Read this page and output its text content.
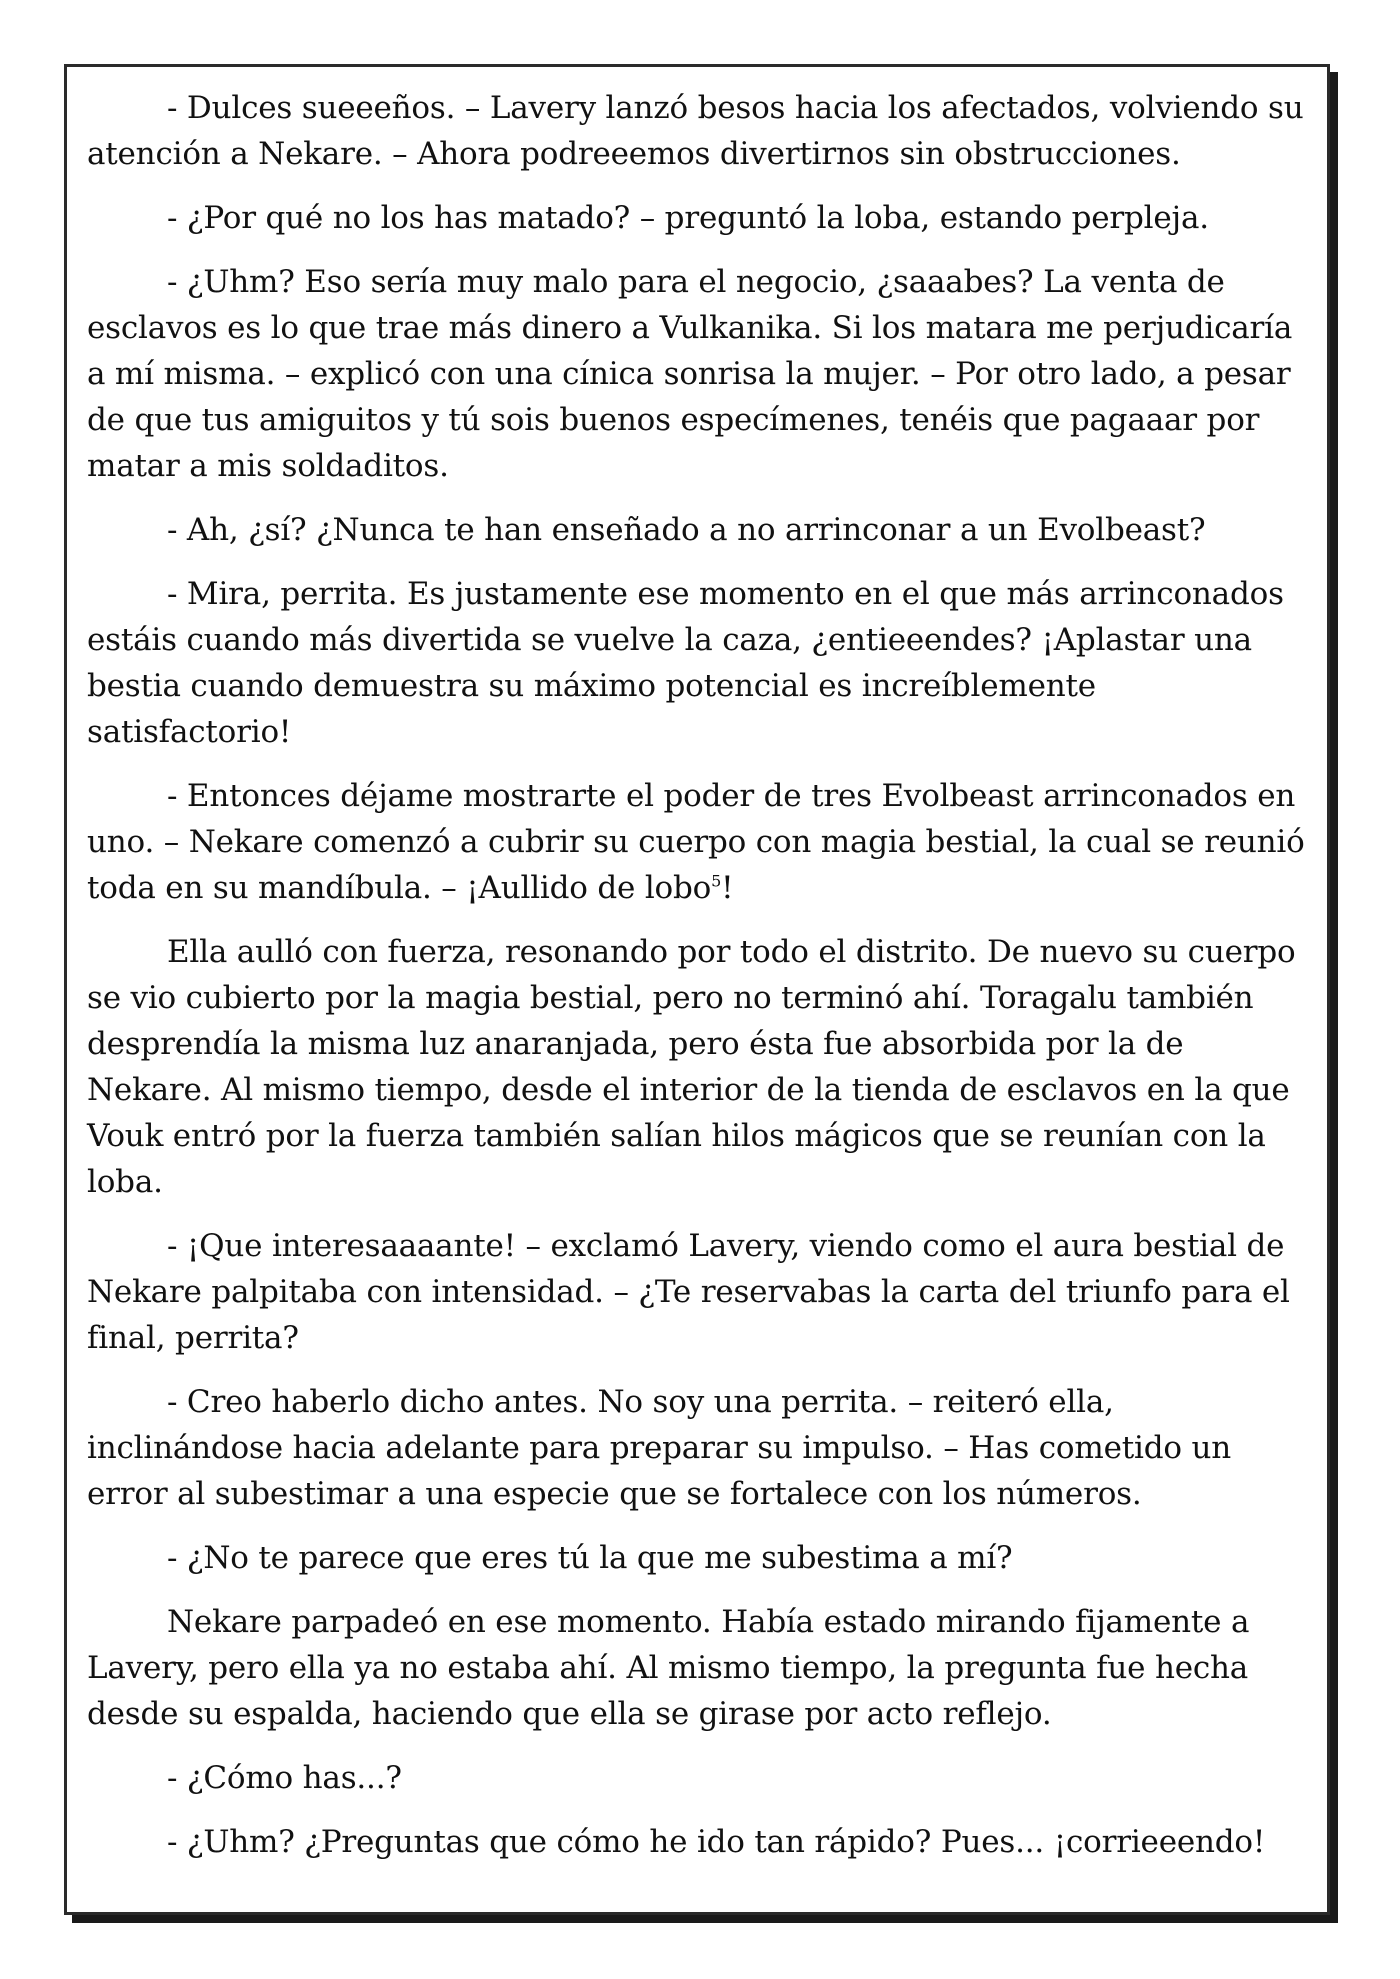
- Dulces sueeeños. – Lavery lanzó besos hacia los afectados, volviendo su atención a Nekare. – Ahora podreeemos divertirnos sin obstrucciones.

- ¿Por qué no los has matado? – preguntó la loba, estando perpleja.

- ¿Uhm? Eso sería muy malo para el negocio, ¿saaabes? La venta de esclavos es lo que trae más dinero a Vulkanika. Si los matara me perjudicaría a mí misma. – explicó con una cínica sonrisa la mujer. – Por otro lado, a pesar de que tus amiguitos y tú sois buenos especímenes, tenéis que pagaaar por matar a mis soldaditos.

- Ah, ¿sí? ¿Nunca te han enseñado a no arrinconar a un Evolbeast?

- Mira, perrita. Es justamente ese momento en el que más arrinconados estáis cuando más divertida se vuelve la caza, ¿entieeendes? ¡Aplastar una bestia cuando demuestra su máximo potencial es increíblemente satisfactorio!

- Entonces déjame mostrarte el poder de tres Evolbeast arrinconados en uno. – Nekare comenzó a cubrir su cuerpo con magia bestial, la cual se reunió toda en su mandíbula. – ¡Aullido de lobo$^5$!

Ella aulló con fuerza, resonando por todo el distrito. De nuevo su cuerpo se vio cubierto por la magia bestial, pero no terminó ahí. Toragalu también desprendía la misma luz anaranjada, pero ésta fue absorbida por la de Nekare. Al mismo tiempo, desde el interior de la tienda de esclavos en la que Vouk entró por la fuerza también salían hilos mágicos que se reunían con la loba.

- ¡Que interesaaaante! – exclamó Lavery, viendo como el aura bestial de Nekare palpitaba con intensidad. – ¿Te reservabas la carta del triunfo para el final, perrita?

- Creo haberlo dicho antes. No soy una perrita. – reiteró ella, inclinándose hacia adelante para preparar su impulso. – Has cometido un error al subestimar a una especie que se fortalece con los números.

- ¿No te parece que eres tú la que me subestima a mí?

Nekare parpadeó en ese momento. Había estado mirando fijamente a Lavery, pero ella ya no estaba ahí. Al mismo tiempo, la pregunta fue hecha desde su espalda, haciendo que ella se girase por acto reflejo.

- ¿Cómo has...?

- ¿Uhm? ¿Preguntas que cómo he ido tan rápido? Pues... ¡corrieeendo!
